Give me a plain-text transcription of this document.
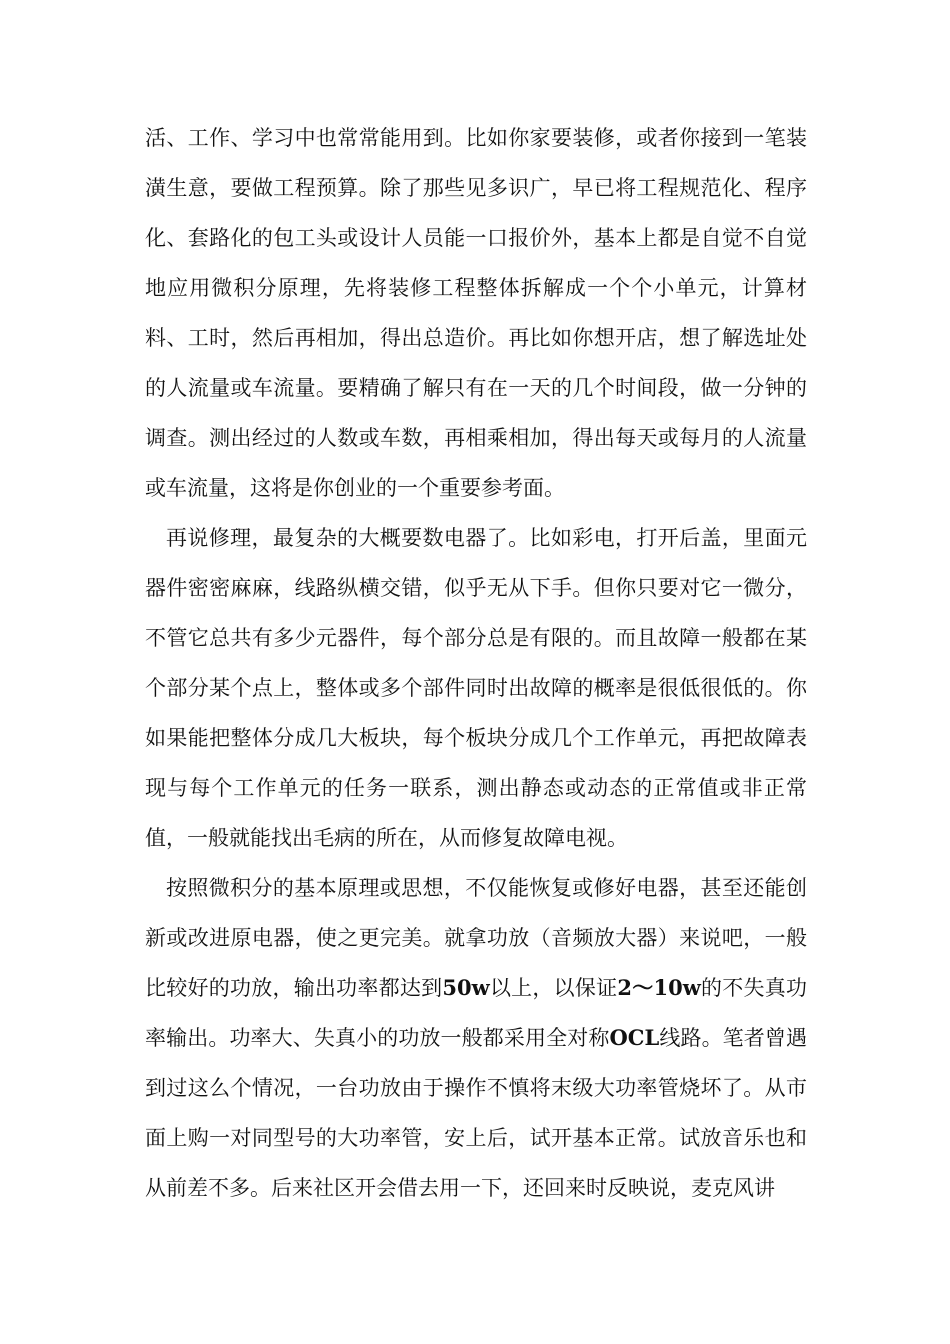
活、工作、学习中也常常能用到。比如你家要装修，或者你接到一笔装潢生意，要做工程预算。除了那些见多识广，早已将工程规范化、程序化、套路化的包工头或设计人员能一口报价外，基本上都是自觉不自觉地应用微积分原理，先将装修工程整体拆解成一个个小单元，计算材料、工时，然后再相加，得出总造价。再比如你想开店，想了解选址处的人流量或车流量。要精确了解只有在一天的几个时间段，做一分钟的调查。测出经过的人数或车数，再相乘相加，得出每天或每月的人流量或车流量，这将是你创业的一个重要参考面。

再说修理，最复杂的大概要数电器了。比如彩电，打开后盖，里面元器件密密麻麻，线路纵横交错，似乎无从下手。但你只要对它一微分，不管它总共有多少元器件，每个部分总是有限的。而且故障一般都在某个部分某个点上，整体或多个部件同时出故障的概率是很低很低的。你如果能把整体分成几大板块，每个板块分成几个工作单元，再把故障表现与每个工作单元的任务一联系，测出静态或动态的正常值或非正常值，一般就能找出毛病的所在，从而修复故障电视。

按照微积分的基本原理或思想，不仅能恢复或修好电器，甚至还能创新或改进原电器，使之更完美。就拿功放（音频放大器）来说吧，一般比较好的功放，输出功率都达到50w以上，以保证2～10w的不失真功率输出。功率大、失真小的功放一般都采用全对称OCL线路。笔者曾遇到过这么个情况，一台功放由于操作不慎将末级大功率管烧坏了。从市面上购一对同型号的大功率管，安上后，试开基本正常。试放音乐也和从前差不多。后来社区开会借去用一下，还回来时反映说，麦克风讲
